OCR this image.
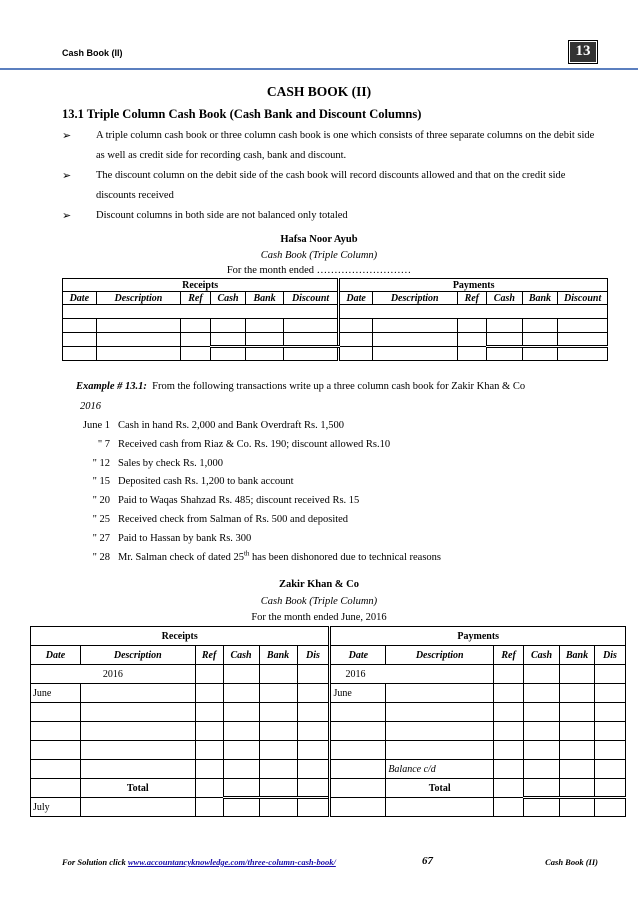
Cash Book (II)	13
CASH BOOK (II)
13.1 Triple Column Cash Book (Cash Bank and Discount Columns)
➢ A triple column cash book or three column cash book is one which consists of three separate columns on the debit side as well as credit side for recording cash, bank and discount.
➢ The discount column on the debit side of the cash book will record discounts allowed and that on the credit side discounts received
➢ Discount columns in both side are not balanced only totaled
Hafsa Noor Ayub
Cash Book (Triple Column)
For the month ended ………………………
Receipts						Payments					
Date	Description	Ref	Cash	Bank	Discount	Date	Description	Ref	Cash	Bank	Discount

Example # 13.1: From the following transactions write up a three column cash book for Zakir Khan & Co
2016
June 1 Cash in hand Rs. 2,000 and Bank Overdraft Rs. 1,500
" 7 Received cash from Riaz & Co. Rs. 190; discount allowed Rs.10
" 12 Sales by check Rs. 1,000
" 15 Deposited cash Rs. 1,200 to bank account
" 20 Paid to Waqas Shahzad Rs. 485; discount received Rs. 15
" 25 Received check from Salman of Rs. 500 and deposited
" 27 Paid to Hassan by bank Rs. 300
" 28 Mr. Salman check of dated 25th has been dishonored due to technical reasons
Zakir Khan & Co
Cash Book (Triple Column)
For the month ended June, 2016
Receipts						Payments					
Date	Description	Ref	Cash	Bank	Dis	Date	Description	Ref	Cash	Bank	Dis
2016						2016					
June						June					

							Balance c/d				
	Total						Total				
July											
For Solution click www.accountancyknowledge.com/three-column-cash-book/	67	Cash Book (II)
